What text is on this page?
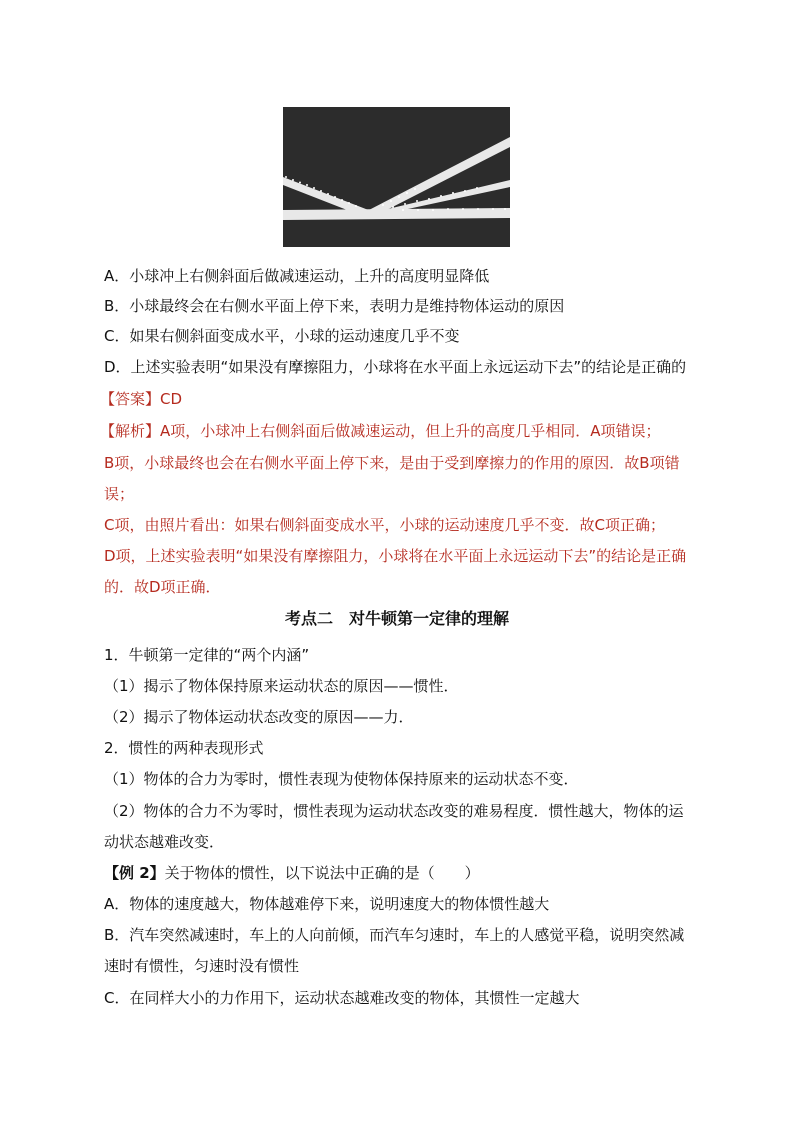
A．小球冲上右侧斜面后做减速运动，上升的高度明显降低
B．小球最终会在右侧水平面上停下来，表明力是维持物体运动的原因
C．如果右侧斜面变成水平，小球的运动速度几乎不变
D．上述实验表明“如果没有摩擦阻力，小球将在水平面上永远运动下去”的结论是正确的
【答案】CD
【解析】A项，小球冲上右侧斜面后做减速运动，但上升的高度几乎相同．A项错误；
B项，小球最终也会在右侧水平面上停下来，是由于受到摩擦力的作用的原因．故B项错
误；
C项，由照片看出：如果右侧斜面变成水平，小球的运动速度几乎不变．故C项正确；
D项，上述实验表明“如果没有摩擦阻力，小球将在水平面上永远运动下去”的结论是正确
的．故D项正确．
考点二　对牛顿第一定律的理解
1．牛顿第一定律的“两个内涵”
（1）揭示了物体保持原来运动状态的原因——惯性．
（2）揭示了物体运动状态改变的原因——力．
2．惯性的两种表现形式
（1）物体的合力为零时，惯性表现为使物体保持原来的运动状态不变．
（2）物体的合力不为零时，惯性表现为运动状态改变的难易程度．惯性越大，物体的运
动状态越难改变．
【例 2】关于物体的惯性，以下说法中正确的是（　　）
A．物体的速度越大，物体越难停下来，说明速度大的物体惯性越大
B．汽车突然减速时，车上的人向前倾，而汽车匀速时，车上的人感觉平稳，说明突然减
速时有惯性，匀速时没有惯性
C．在同样大小的力作用下，运动状态越难改变的物体，其惯性一定越大
